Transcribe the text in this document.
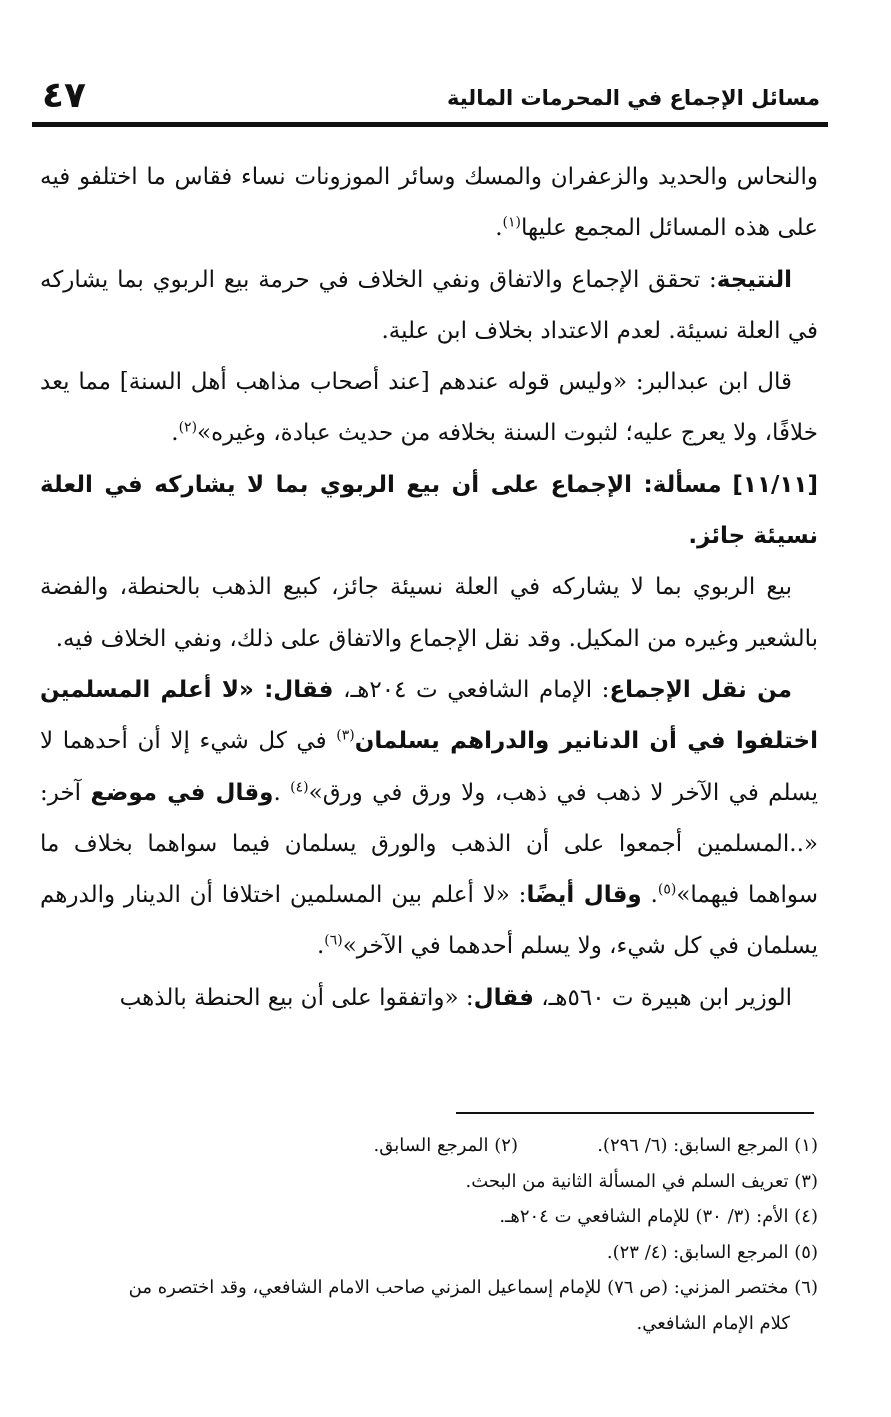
٤٧	مسائل الإجماع في المحرمات المالية

والنحاس والحديد والزعفران والمسك وسائر الموزونات نساء فقاس ما اختلفو فيه على هذه المسائل المجمع عليها$^{(١)}$.

النتيجة: تحقق الإجماع والاتفاق ونفي الخلاف في حرمة بيع الربوي بما يشاركه في العلة نسيئة. لعدم الاعتداد بخلاف ابن علية.

قال ابن عبدالبر: «وليس قوله عندهم [عند أصحاب مذاهب أهل السنة] مما يعد خلافًا، ولا يعرج عليه؛ لثبوت السنة بخلافه من حديث عبادة، وغيره»$^{(٢)}$.

[١١/١١] مسألة: الإجماع على أن بيع الربوي بما لا يشاركه في العلة نسيئة جائز.

بيع الربوي بما لا يشاركه في العلة نسيئة جائز، كبيع الذهب بالحنطة، والفضة بالشعير وغيره من المكيل. وقد نقل الإجماع والاتفاق على ذلك، ونفي الخلاف فيه.

من نقل الإجماع: الإمام الشافعي ت ٢٠٤هـ، فقال: «لا أعلم المسلمين اختلفوا في أن الدنانير والدراهم يسلمان$^{(٣)}$ في كل شيء إلا أن أحدهما لا يسلم في الآخر لا ذهب في ذهب، ولا ورق في ورق»$^{(٤)}$ .وقال في موضع آخر: «..المسلمين أجمعوا على أن الذهب والورق يسلمان فيما سواهما بخلاف ما سواهما فيهما»$^{(٥)}$. وقال أيضًا: «لا أعلم بين المسلمين اختلافا أن الدينار والدرهم يسلمان في كل شيء، ولا يسلم أحدهما في الآخر»$^{(٦)}$.

الوزير ابن هبيرة ت ٥٦٠هـ، فقال: «واتفقوا على أن بيع الحنطة بالذهب

(١) المرجع السابق: (٦/ ٢٩٦).
(٢) المرجع السابق.

(٣) تعريف السلم في المسألة الثانية من البحث.

(٤) الأم: (٣/ ٣٠) للإمام الشافعي ت ٢٠٤هـ.

(٥) المرجع السابق: (٤/ ٢٣).

(٦) مختصر المزني: (ص ٧٦) للإمام إسماعيل المزني صاحب الامام الشافعي، وقد اختصره من

كلام الإمام الشافعي.
